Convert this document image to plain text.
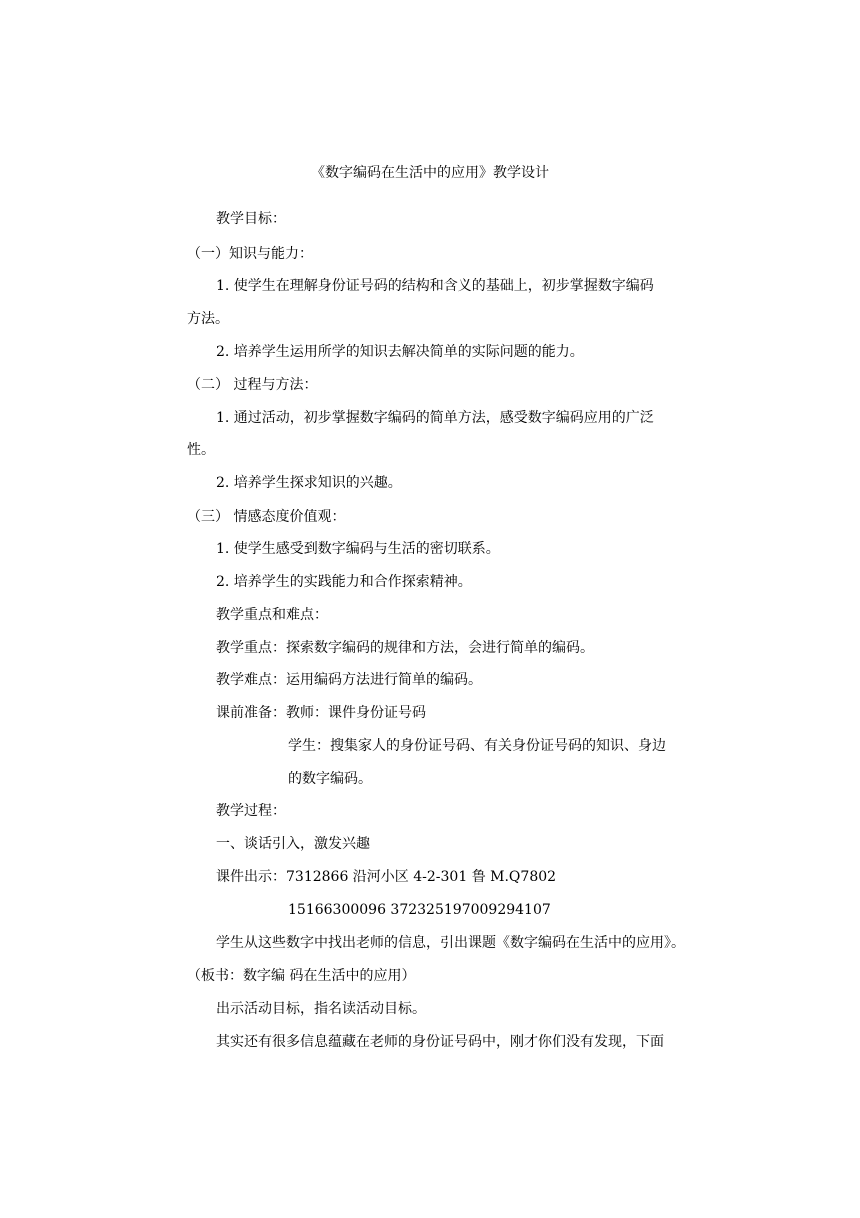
《数字编码在生活中的应用》教学设计
教学目标：
（一）知识与能力：
1. 使学生在理解身份证号码的结构和含义的基础上，初步掌握数字编码
方法。
2. 培养学生运用所学的知识去解决简单的实际问题的能力。
（二） 过程与方法：
1. 通过活动，初步掌握数字编码的简单方法，感受数字编码应用的广泛
性。
2. 培养学生探求知识的兴趣。
（三） 情感态度价值观：
1. 使学生感受到数字编码与生活的密切联系。
2. 培养学生的实践能力和合作探索精神。
教学重点和难点：
教学重点：探索数字编码的规律和方法，会进行简单的编码。
教学难点：运用编码方法进行简单的编码。
课前准备：教师：课件身份证号码
学生：搜集家人的身份证号码、有关身份证号码的知识、身边
的数字编码。
教学过程：
一、谈话引入，激发兴趣
课件出示：7312866 沿河小区 4-2-301 鲁 M.Q7802
15166300096 372325197009294107
学生从这些数字中找出老师的信息，引出课题《数字编码在生活中的应用》。
（板书：数字编 码在生活中的应用）
出示活动目标，指名读活动目标。
其实还有很多信息蕴藏在老师的身份证号码中，刚才你们没有发现，下面
